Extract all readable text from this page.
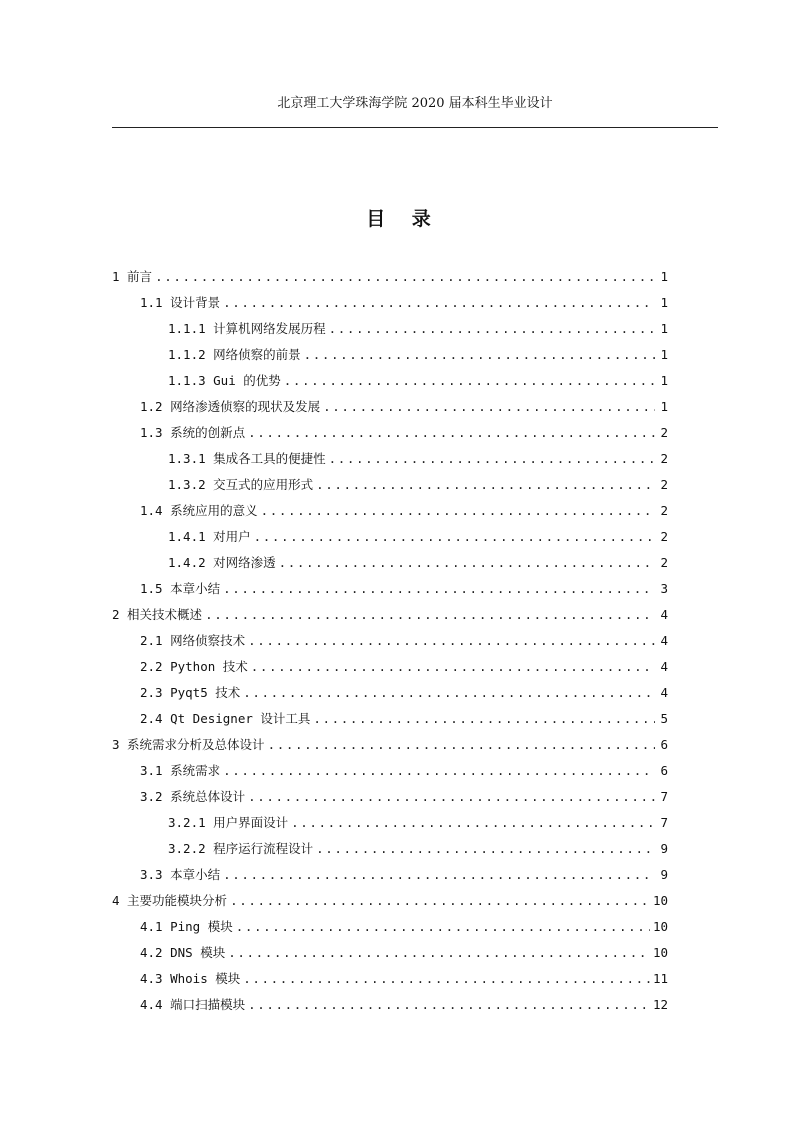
北京理工大学珠海学院 2020 届本科生毕业设计
目 录
1 前言 .....	1
1.1 设计背景 .....	1
1.1.1 计算机网络发展历程 .....	1
1.1.2 网络侦察的前景 .....	1
1.1.3 Gui 的优势 .....	1
1.2 网络渗透侦察的现状及发展 .....	1
1.3 系统的创新点 .....	2
1.3.1 集成各工具的便捷性 .....	2
1.3.2 交互式的应用形式 .....	2
1.4 系统应用的意义 .....	2
1.4.1 对用户 .....	2
1.4.2 对网络渗透 .....	2
1.5 本章小结 .....	3
2 相关技术概述 .....	4
2.1 网络侦察技术 .....	4
2.2 Python 技术 .....	4
2.3 Pyqt5 技术 .....	4
2.4 Qt Designer 设计工具 .....	5
3 系统需求分析及总体设计 .....	6
3.1 系统需求 .....	6
3.2 系统总体设计 .....	7
3.2.1 用户界面设计 .....	7
3.2.2 程序运行流程设计 .....	9
3.3 本章小结 .....	9
4 主要功能模块分析 .....	10
4.1 Ping 模块 .....	10
4.2 DNS 模块 .....	10
4.3 Whois 模块 .....	11
4.4 端口扫描模块 .....	12
